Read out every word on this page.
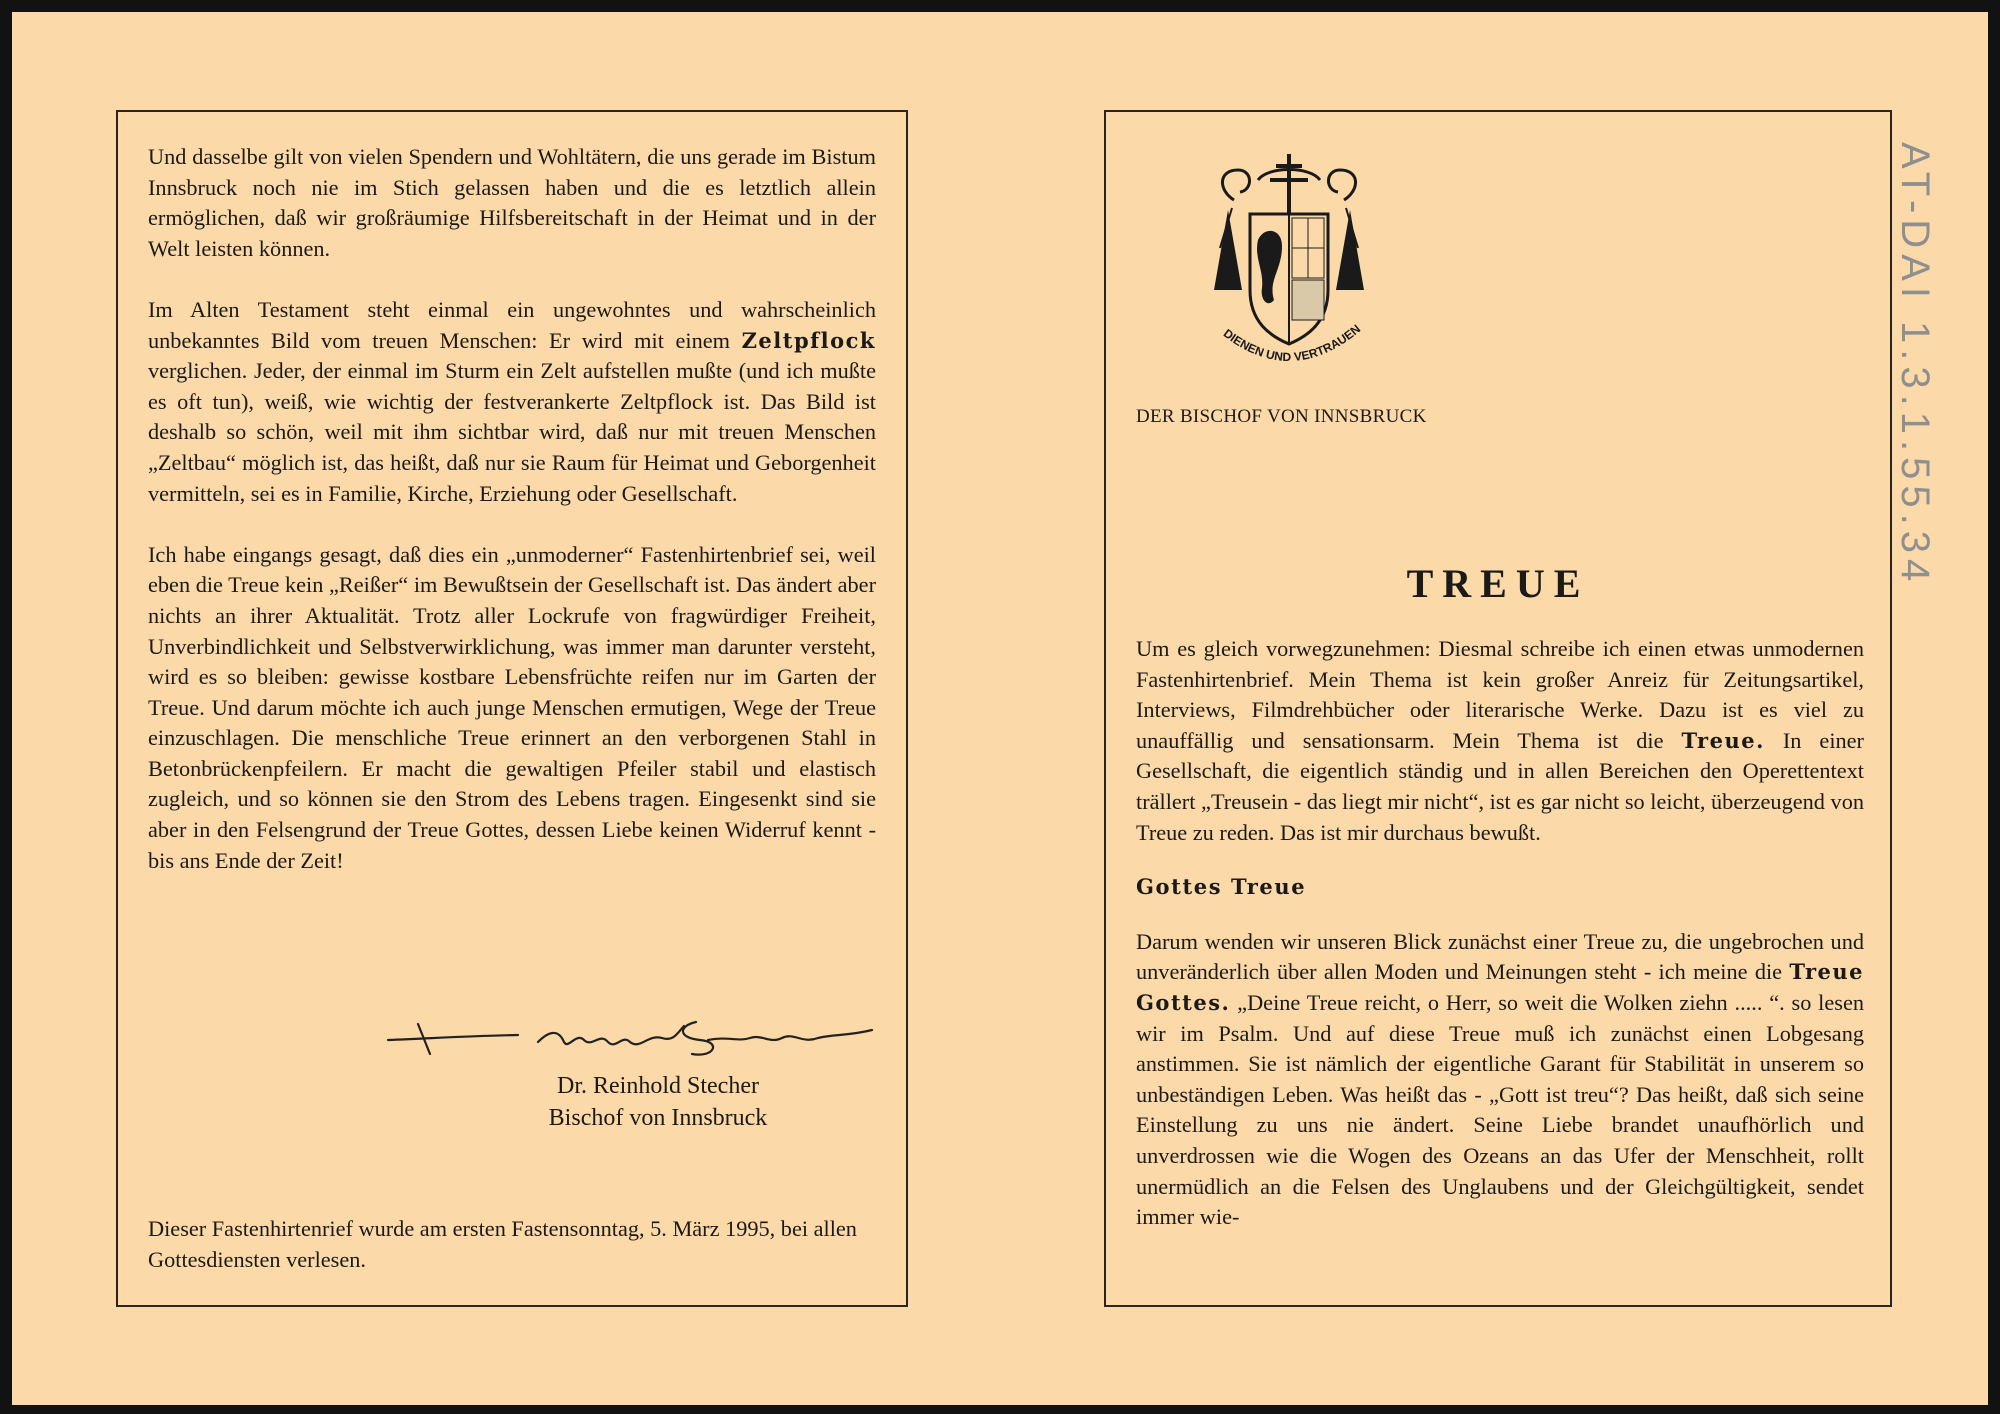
Und dasselbe gilt von vielen Spendern und Wohltätern, die uns gerade im Bistum Innsbruck noch nie im Stich gelassen haben und die es letztlich allein ermöglichen, daß wir großräumige Hilfsbereitschaft in der Heimat und in der Welt leisten können.

Im Alten Testament steht einmal ein ungewohntes und wahrscheinlich unbekanntes Bild vom treuen Menschen: Er wird mit einem Zeltpflock verglichen. Jeder, der einmal im Sturm ein Zelt aufstellen mußte (und ich mußte es oft tun), weiß, wie wichtig der festverankerte Zeltpflock ist. Das Bild ist deshalb so schön, weil mit ihm sichtbar wird, daß nur mit treuen Menschen „Zeltbau“ möglich ist, das heißt, daß nur sie Raum für Heimat und Geborgenheit vermitteln, sei es in Familie, Kirche, Erziehung oder Gesellschaft.

Ich habe eingangs gesagt, daß dies ein „unmoderner“ Fastenhirtenbrief sei, weil eben die Treue kein „Reißer“ im Bewußtsein der Gesellschaft ist. Das ändert aber nichts an ihrer Aktualität. Trotz aller Lockrufe von fragwürdiger Freiheit, Unverbindlichkeit und Selbstverwirklichung, was immer man darunter versteht, wird es so bleiben: gewisse kostbare Lebensfrüchte reifen nur im Garten der Treue. Und darum möchte ich auch junge Menschen ermutigen, Wege der Treue einzuschlagen. Die menschliche Treue erinnert an den verborgenen Stahl in Betonbrückenpfeilern. Er macht die gewaltigen Pfeiler stabil und elastisch zugleich, und so können sie den Strom des Lebens tragen. Eingesenkt sind sie aber in den Felsengrund der Treue Gottes, dessen Liebe keinen Widerruf kennt - bis ans Ende der Zeit!

Dr. Reinhold Stecher
Bischof von Innsbruck
Dieser Fastenhirtenrief wurde am ersten Fastensonntag, 5. März 1995, bei allen Gottesdiensten verlesen.
DIENEN UND VERTRAUEN
DER BISCHOF VON INNSBRUCK
TREUE

Um es gleich vorwegzunehmen: Diesmal schreibe ich einen etwas unmodernen Fastenhirtenbrief. Mein Thema ist kein großer Anreiz für Zeitungsartikel, Interviews, Filmdrehbücher oder literarische Werke. Dazu ist es viel zu unauffällig und sensationsarm. Mein Thema ist die Treue. In einer Gesellschaft, die eigentlich ständig und in allen Bereichen den Operettentext trällert „Treusein - das liegt mir nicht“, ist es gar nicht so leicht, überzeugend von Treue zu reden. Das ist mir durchaus bewußt.

Gottes Treue

Darum wenden wir unseren Blick zunächst einer Treue zu, die ungebrochen und unveränderlich über allen Moden und Meinungen steht - ich meine die Treue Gottes. „Deine Treue reicht, o Herr, so weit die Wolken ziehn ..... “. so lesen wir im Psalm. Und auf diese Treue muß ich zunächst einen Lobgesang anstimmen. Sie ist nämlich der eigentliche Garant für Stabilität in unserem so unbeständigen Leben. Was heißt das - „Gott ist treu“? Das heißt, daß sich seine Einstellung zu uns nie ändert. Seine Liebe brandet unaufhörlich und unverdrossen wie die Wogen des Ozeans an das Ufer der Menschheit, rollt unermüdlich an die Felsen des Unglaubens und der Gleichgültigkeit, sendet immer wie-

AT-DAI 1.3.1.55.34
